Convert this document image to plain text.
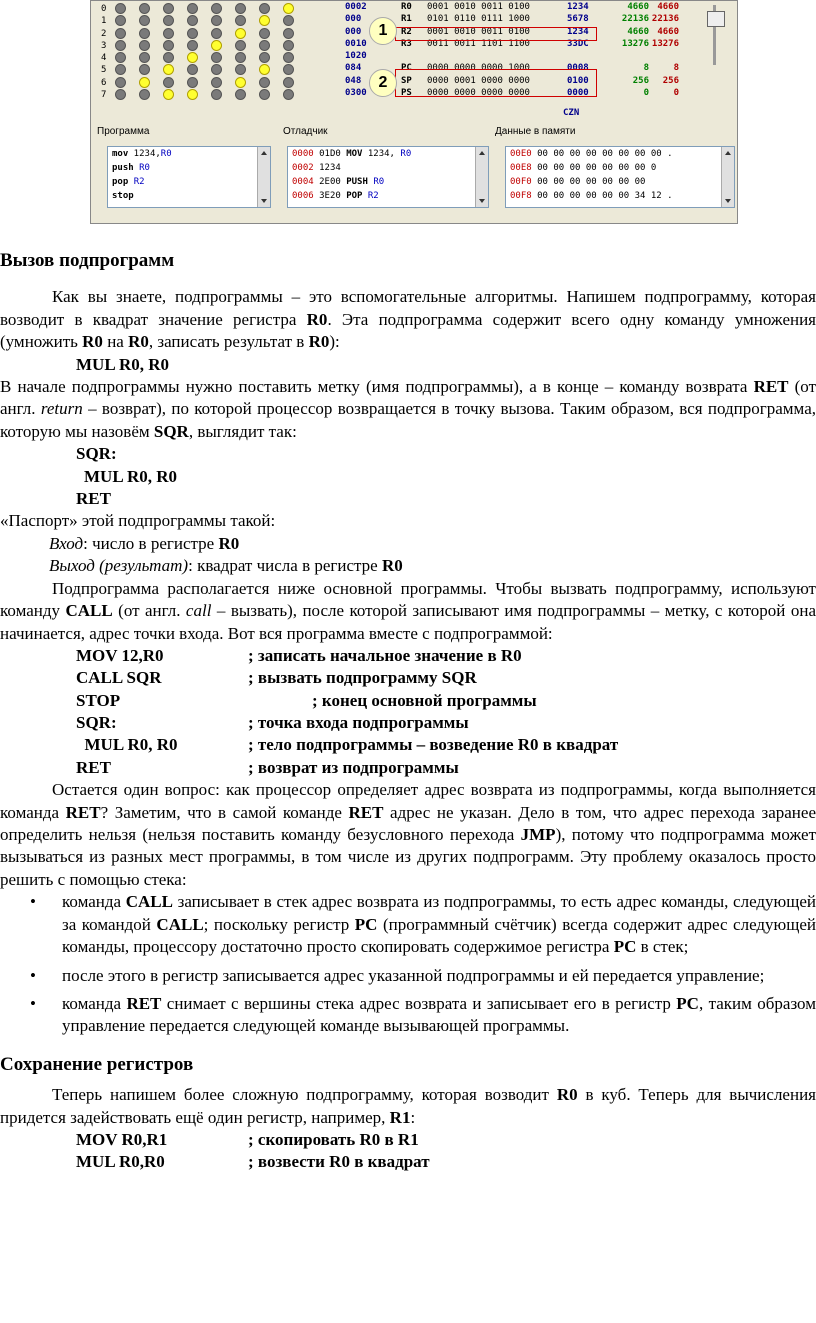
0
1
2
3
4
5
6
7
0002	R0 0001 0010 0011 0100	1234	4660 4660
000	R1 0101 0110 0111 1000	5678	22136 22136
000	R2 0001 0010 0011 0100	1234	4660 4660
0010	R3 0011 0011 1101 1100	33DC	13276 13276
1020
084	PC 0000 0000 0000 1000	0008	8	8
048	SP 0000 0001 0000 0000	0100	256	256
0300	PS 0000 0000 0000 0000	0000	0	0
1
2
CZN
Программа	Отладчик	Данные в памяти
mov 1234,R0
push R0
pop R2
stop
0000 01D0 MOV 1234, R0
0002 1234
0004 2E00 PUSH R0
0006 3E20 POP R2
00E0 00 00 00 00 00 00 00 00 .
00E8 00 00 00 00 00 00 00 0
00F0 00 00 00 00 00 00 00
00F8 00 00 00 00 00 00 34 12 .

Вызов подпрограмм

Как вы знаете, подпрограммы – это вспомогательные алгоритмы. Напишем подпрограмму, которая возводит в квадрат значение регистра R0. Эта подпрограмма содержит всего одну команду умножения (умножить R0 на R0, записать результат в R0):

MUL R0, R0

В начале подпрограммы нужно поставить метку (имя подпрограммы), а в конце – команду возврата RET (от англ. return – возврат), по которой процессор возвращается в точку вызова. Таким образом, вся подпрограмма, которую мы назовём SQR, выглядит так:

SQR:

MUL R0, R0

RET

«Паспорт» этой подпрограммы такой:

Вход: число в регистре R0

Выход (результат): квадрат числа в регистре R0

Подпрограмма располагается ниже основной программы. Чтобы вызвать подпрограмму, используют команду CALL (от англ. call – вызвать), после которой записывают имя подпрограммы – метку, с которой она начинается, адрес точки входа. Вот вся программа вместе с подпрограммой:

MOV 12,R0	; записать начальное значение в R0
CALL SQR	; вызвать подпрограмму SQR
STOP	; конец основной программы
SQR:	; точка входа подпрограммы
MUL R0, R0	; тело подпрограммы – возведение R0 в квадрат
RET	; возврат из подпрограммы

Остается один вопрос: как процессор определяет адрес возврата из подпрограммы, когда выполняется команда RET? Заметим, что в самой команде RET адрес не указан. Дело в том, что адрес перехода заранее определить нельзя (нельзя поставить команду безусловного перехода JMP), потому что подпрограмма может вызываться из разных мест программы, в том числе из других подпрограмм. Эту проблему оказалось просто решить с помощью стека:

• команда CALL записывает в стек адрес возврата из подпрограммы, то есть адрес команды, следующей за командой CALL; поскольку регистр PC (программный счётчик) всегда содержит адрес следующей команды, процессору достаточно просто скопировать содержимое регистра PC в стек;
• после этого в регистр записывается адрес указанной подпрограммы и ей передается управление;
• команда RET снимает с вершины стека адрес возврата и записывает его в регистр PC, таким образом управление передается следующей команде вызывающей программы.

Сохранение регистров

Теперь напишем более сложную подпрограмму, которая возводит R0 в куб. Теперь для вычисления придется задействовать ещё один регистр, например, R1:

MOV R0,R1	; скопировать R0 в R1
MUL R0,R0	; возвести R0 в квадрат
